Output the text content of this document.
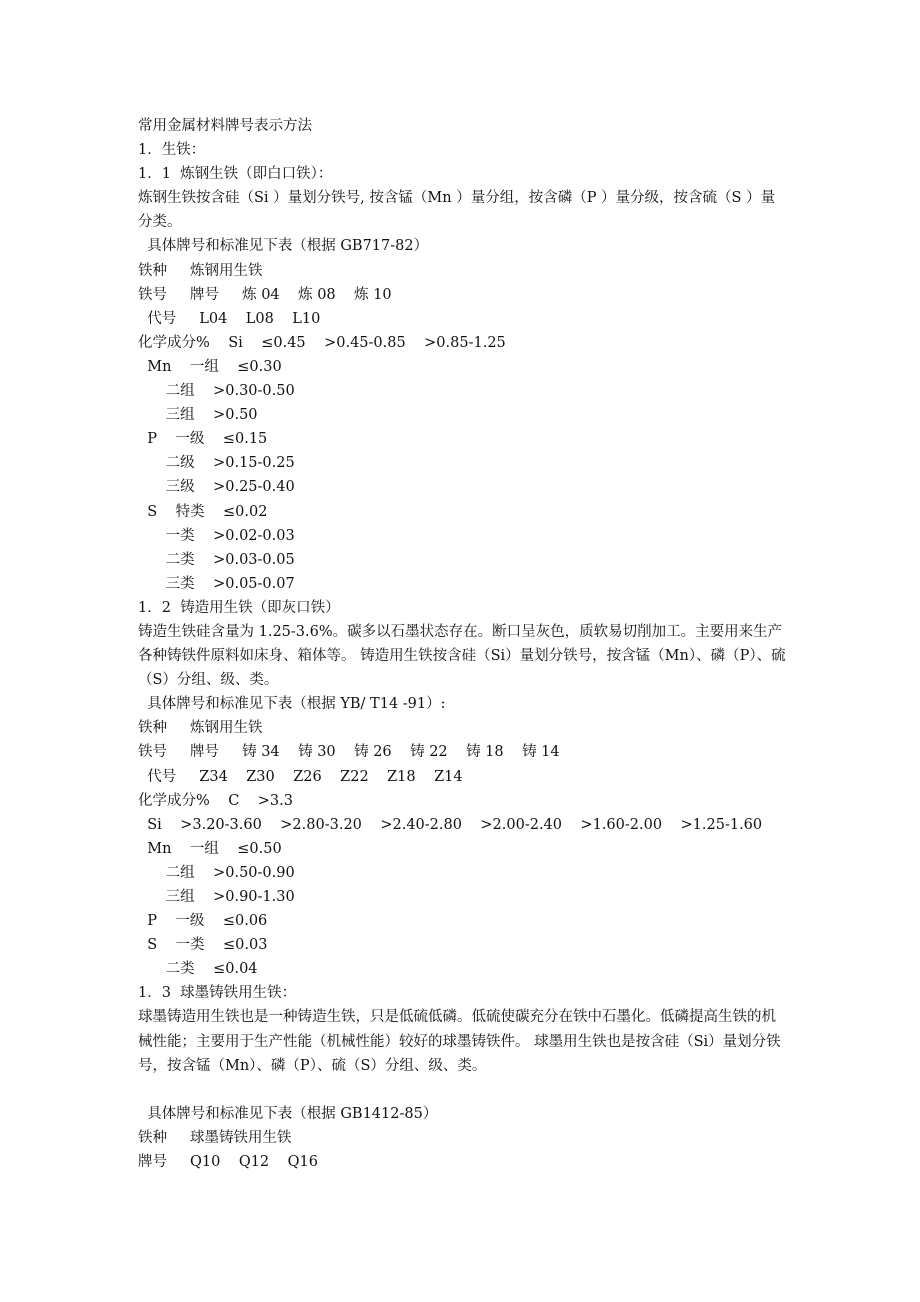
常用金属材料牌号表示方法
1．生铁：
1．1  炼钢生铁（即白口铁）：
炼钢生铁按含硅（Si ）量划分铁号, 按含锰（Mn ）量分组，按含磷（P ）量分级，按含硫（S ）量分类。
具体牌号和标准见下表（根据 GB717-82）
铁种     炼钢用生铁
铁号     牌号     炼 04    炼 08    炼 10
代号     L04    L08    L10
化学成分%    Si    ≤0.45    >0.45-0.85    >0.85-1.25
Mn    一组    ≤0.30
二组    >0.30-0.50
三组    >0.50
P    一级    ≤0.15
二级    >0.15-0.25
三级    >0.25-0.40
S    特类    ≤0.02
一类    >0.02-0.03
二类    >0.03-0.05
三类    >0.05-0.07
1．2  铸造用生铁（即灰口铁）
铸造生铁硅含量为 1.25-3.6%。碳多以石墨状态存在。断口呈灰色，质软易切削加工。主要用来生产各种铸铁件原料如床身、箱体等。 铸造用生铁按含硅（Si）量划分铁号，按含锰（Mn）、磷（P）、硫（S）分组、级、类。
具体牌号和标准见下表（根据 YB/ T14 -91）:
铁种     炼钢用生铁
铁号     牌号     铸 34    铸 30    铸 26    铸 22    铸 18    铸 14
代号     Z34    Z30    Z26    Z22    Z18    Z14
化学成分%    C    >3.3
Si    >3.20-3.60    >2.80-3.20    >2.40-2.80    >2.00-2.40    >1.60-2.00    >1.25-1.60
Mn    一组    ≤0.50
二组    >0.50-0.90
三组    >0.90-1.30
P    一级    ≤0.06
S    一类    ≤0.03
二类    ≤0.04
1．3  球墨铸铁用生铁：
球墨铸造用生铁也是一种铸造生铁，只是低硫低磷。低硫使碳充分在铁中石墨化。低磷提高生铁的机械性能；主要用于生产性能（机械性能）较好的球墨铸铁件。 球墨用生铁也是按含硅（Si）量划分铁号，按含锰（Mn）、磷（P）、硫（S）分组、级、类。
具体牌号和标准见下表（根据 GB1412-85）
铁种     球墨铸铁用生铁
牌号     Q10    Q12    Q16
